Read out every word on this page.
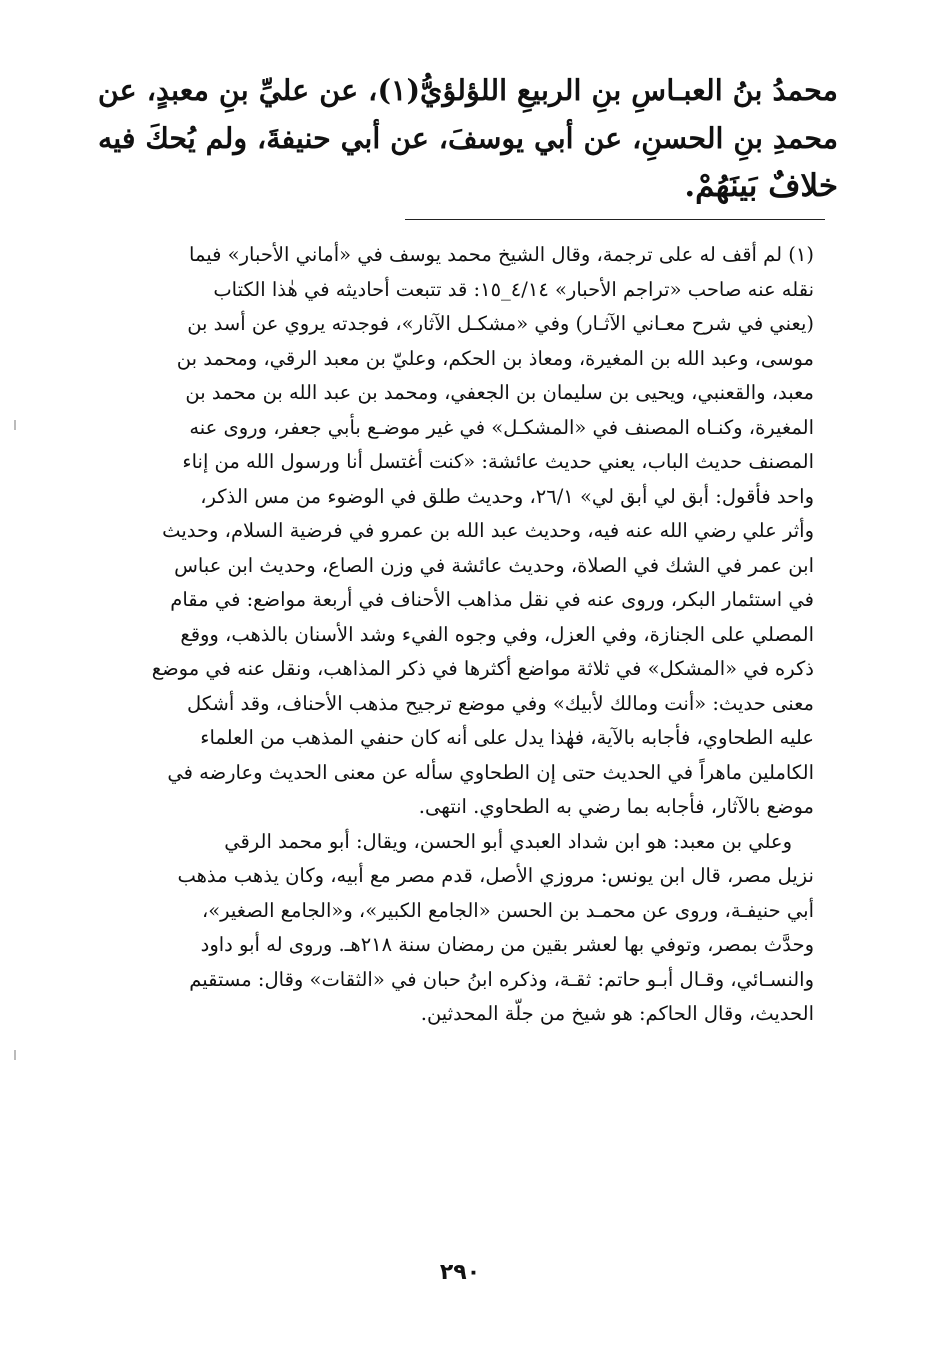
محمدُ بنُ العبـاسِ بنِ الربيعِ اللؤلؤيُّ(١)، عن عليِّ بنِ معبدٍ، عن
محمدِ بنِ الحسنِ، عن أبي يوسفَ، عن أبي حنيفةَ، ولم يُحكَ فيه
خلافٌ بَينَهُمْ.
(١) لم أقف له على ترجمة، وقال الشيخ محمد يوسف في «أماني الأحبار» فيما
نقله عنه صاحب «تراجم الأحبار» ٤/١٤_١٥: قد تتبعت أحاديثه في هٰذا الكتاب
(يعني في شرح معـاني الآثـار) وفي «مشكـل الآثار»، فوجدته يروي عن أسد بن
موسى، وعبد الله بن المغيرة، ومعاذ بن الحكم، وعليّ بن معبد الرقي، ومحمد بن
معبد، والقعنبي، ويحيى بن سليمان بن الجعفي، ومحمد بن عبد الله بن محمد بن
المغيرة، وكنـاه المصنف في «المشكـل» في غير موضـع بأبي جعفر، وروى عنه
المصنف حديث الباب، يعني حديث عائشة: «كنت أغتسل أنا ورسول الله من إناء
واحد فأقول: أبق لي أبق لي» ٢٦/١، وحديث طلق في الوضوء من مس الذكر،
وأثر علي رضي الله عنه فيه، وحديث عبد الله بن عمرو في فرضية السلام، وحديث
ابن عمر في الشك في الصلاة، وحديث عائشة في وزن الصاع، وحديث ابن عباس
في استئمار البكر، وروى عنه في نقل مذاهب الأحناف في أربعة مواضع: في مقام
المصلي على الجنازة، وفي العزل، وفي وجوه الفيء وشد الأسنان بالذهب، ووقع
ذكره في «المشكل» في ثلاثة مواضع أكثرها في ذكر المذاهب، ونقل عنه في موضع
معنى حديث: «أنت ومالك لأبيك» وفي موضع ترجيح مذهب الأحناف، وقد أشكل
عليه الطحاوي، فأجابه بالآية، فهٰذا يدل على أنه كان حنفي المذهب من العلماء
الكاملين ماهراً في الحديث حتى إن الطحاوي سأله عن معنى الحديث وعارضه في
موضع بالآثار، فأجابه بما رضي به الطحاوي. انتهى.
وعلي بن معبد: هو ابن شداد العبدي أبو الحسن، ويقال: أبو محمد الرقي
نزيل مصر، قال ابن يونس: مروزي الأصل، قدم مصر مع أبيه، وكان يذهب مذهب
أبي حنيفـة، وروى عن محمـد بن الحسن «الجامع الكبير»، و«الجامع الصغير»،
وحدَّث بمصر، وتوفي بها لعشر بقين من رمضان سنة ٢١٨هـ. وروى له أبو داود
والنسـائي، وقـال أبـو حاتم: ثقـة، وذكره ابنُ حبان في «الثقات» وقال: مستقيم
الحديث، وقال الحاكم: هو شيخ من جلّة المحدثين.
٢٩٠
